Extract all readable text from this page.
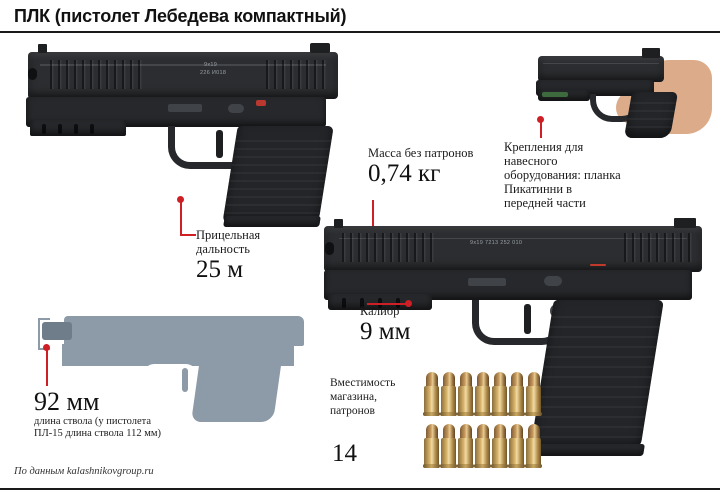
ПЛК (пистолет Лебедева компактный)
9х19
226 И018
Прицельная дальность
25 м
Масса без патронов
0,74 кг
Крепления для навесного оборудования: планка Пикатинни в передней части
9х19 7213 252 010
Калибр
9 мм
92 мм
длина ствола (у пистолета
ПЛ-15 длина ствола 112 мм)
Вместимость магазина, патронов
14
По данным kalashnikovgroup.ru
